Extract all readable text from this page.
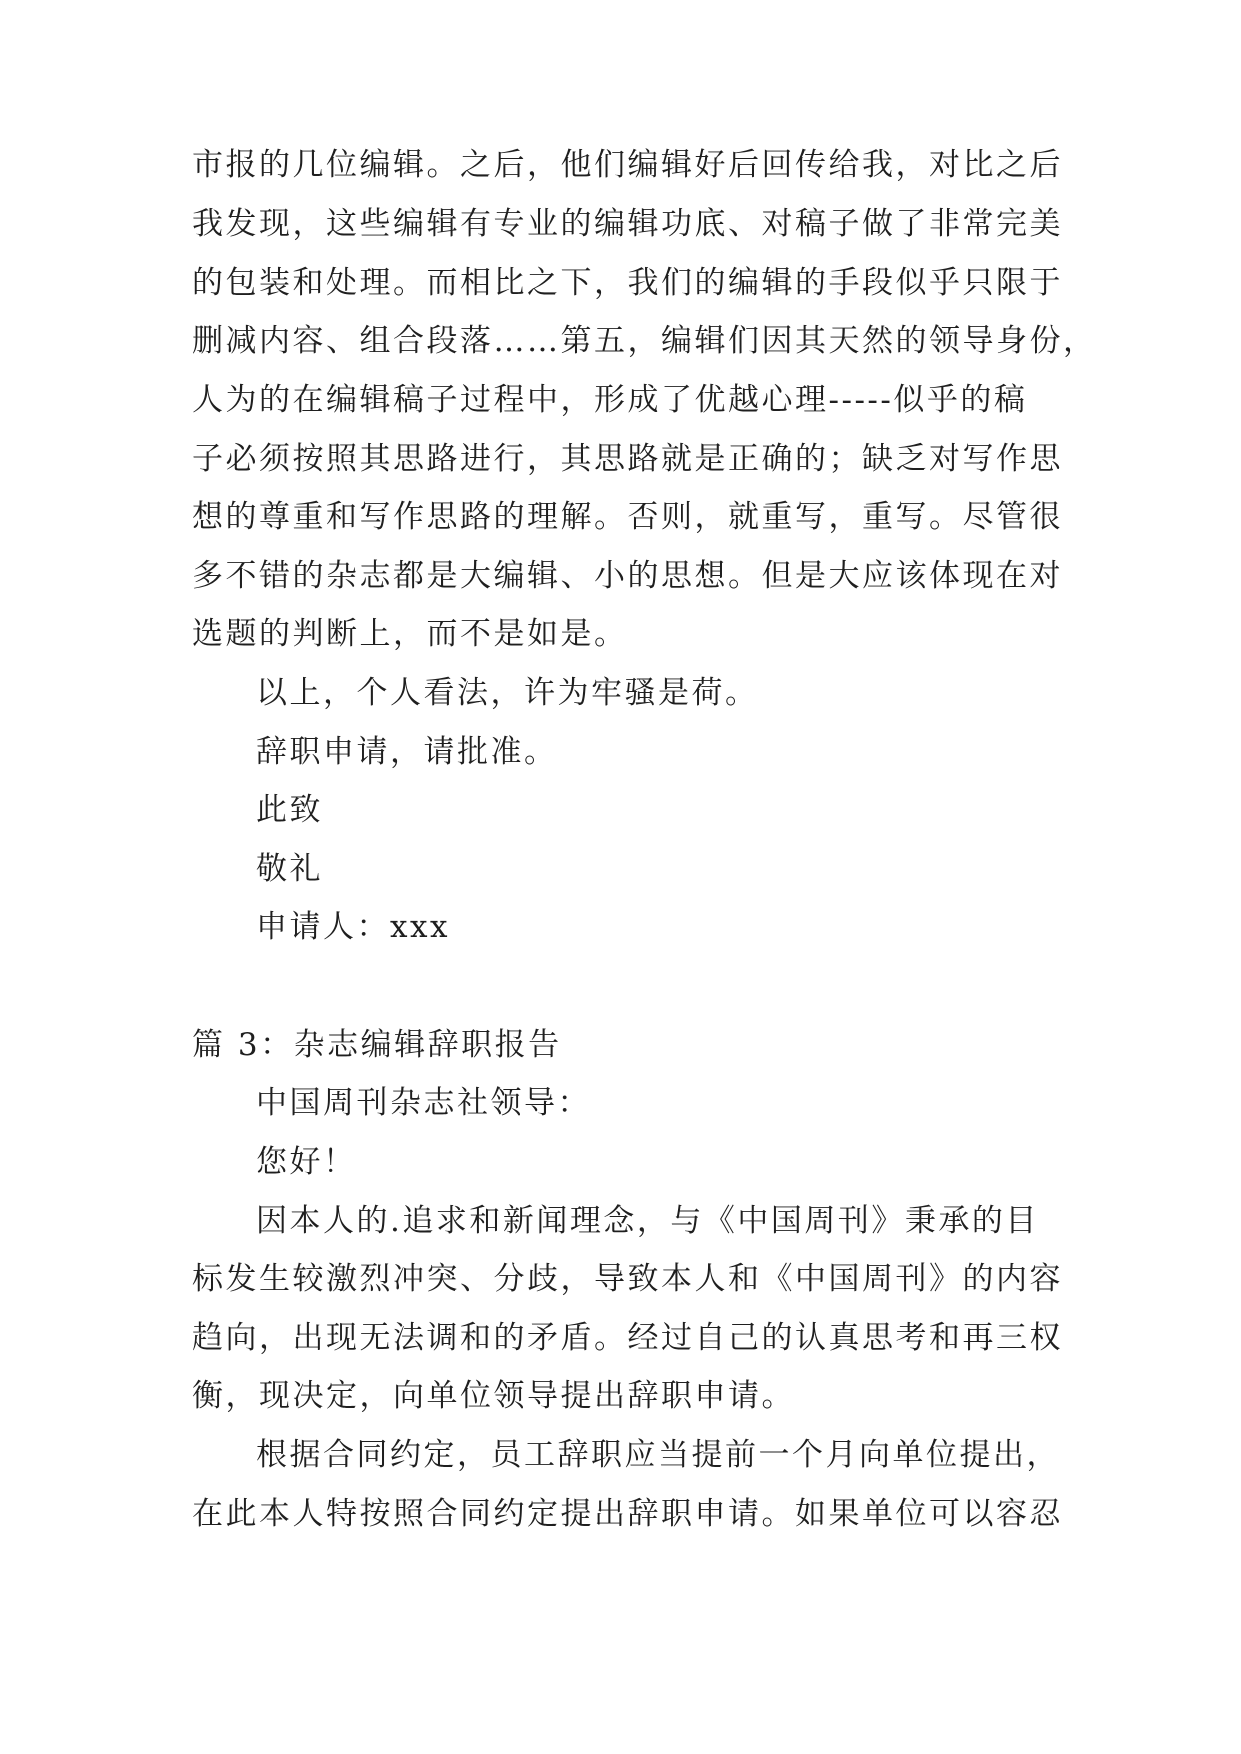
市报的几位编辑。之后，他们编辑好后回传给我，对比之后
我发现，这些编辑有专业的编辑功底、对稿子做了非常完美
的包装和处理。而相比之下，我们的编辑的手段似乎只限于
删减内容、组合段落……第五，编辑们因其天然的领导身份，
人为的在编辑稿子过程中，形成了优越心理-----似乎的稿
子必须按照其思路进行，其思路就是正确的；缺乏对写作思
想的尊重和写作思路的理解。否则，就重写，重写。尽管很
多不错的杂志都是大编辑、小的思想。但是大应该体现在对
选题的判断上，而不是如是。
以上，个人看法，许为牢骚是荷。
辞职申请，请批准。
此致
敬礼
申请人：xxx
篇 3：杂志编辑辞职报告
中国周刊杂志社领导：
您好！
因本人的.追求和新闻理念，与《中国周刊》秉承的目
标发生较激烈冲突、分歧，导致本人和《中国周刊》的内容
趋向，出现无法调和的矛盾。经过自己的认真思考和再三权
衡，现决定，向单位领导提出辞职申请。
根据合同约定，员工辞职应当提前一个月向单位提出，
在此本人特按照合同约定提出辞职申请。如果单位可以容忍
